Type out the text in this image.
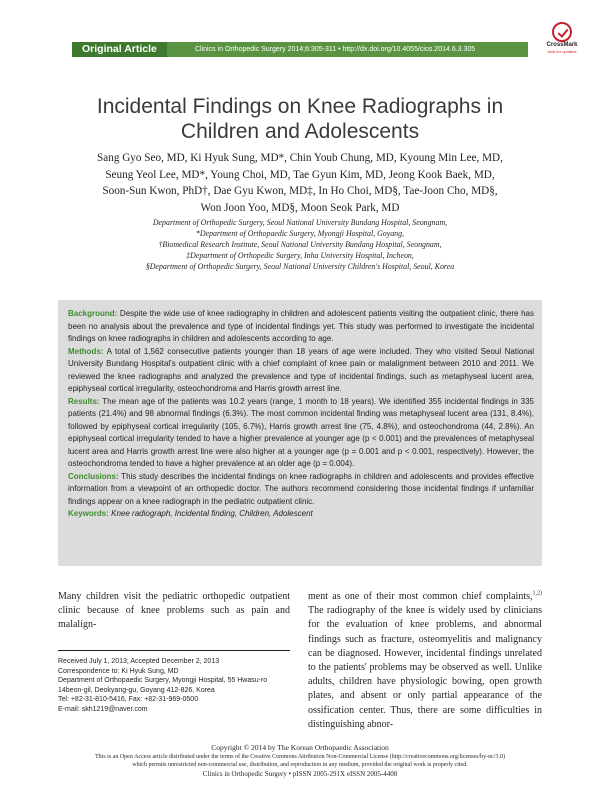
Original Article	Clinics in Orthopedic Surgery 2014;6:305-311 • http://dx.doi.org/10.4055/cios.2014.6.3.305
CrossMark
click for updates
Incidental Findings on Knee Radiographs in
Children and Adolescents
Sang Gyo Seo, MD, Ki Hyuk Sung, MD*, Chin Youb Chung, MD, Kyoung Min Lee, MD,
Seung Yeol Lee, MD*, Young Choi, MD, Tae Gyun Kim, MD, Jeong Kook Baek, MD,
Soon-Sun Kwon, PhD†, Dae Gyu Kwon, MD‡, In Ho Choi, MD§, Tae-Joon Cho, MD§,
Won Joon Yoo, MD§, Moon Seok Park, MD
Department of Orthopedic Surgery, Seoul National University Bundang Hospital, Seongnam,
*Department of Orthopaedic Surgery, Myongji Hospital, Goyang,
†Biomedical Research Institute, Seoul National University Bundang Hospital, Seongnam,
‡Department of Orthopedic Surgery, Inha University Hospital, Incheon,
§Department of Orthopedic Surgery, Seoul National University Children's Hospital, Seoul, Korea

Background: Despite the wide use of knee radiography in children and adolescent patients visiting the outpatient clinic, there has been no analysis about the prevalence and type of incidental findings yet. This study was performed to investigate the incidental findings on knee radiographs in children and adolescents according to age.

Methods: A total of 1,562 consecutive patients younger than 18 years of age were included. They who visited Seoul National University Bundang Hospital's outpatient clinic with a chief complaint of knee pain or malalignment between 2010 and 2011. We reviewed the knee radiographs and analyzed the prevalence and type of incidental findings, such as metaphyseal lucent area, epiphyseal cortical irregularity, osteochondroma and Harris growth arrest line.

Results: The mean age of the patients was 10.2 years (range, 1 month to 18 years). We identified 355 incidental findings in 335 patients (21.4%) and 98 abnormal findings (6.3%). The most common incidental finding was metaphyseal lucent area (131, 8.4%), followed by epiphyseal cortical irregularity (105, 6.7%), Harris growth arrest line (75, 4.8%), and osteochondroma (44, 2.8%). An epiphyseal cortical irregularity tended to have a higher prevalence at younger age (p < 0.001) and the prevalences of metaphyseal lucent area and Harris growth arrest line were also higher at a younger age (p = 0.001 and p < 0.001, respectively). However, the osteochondroma tended to have a higher prevalence at an older age (p = 0.004).

Conclusions: This study describes the incidental findings on knee radiographs in children and adolescents and provides effective information from a viewpoint of an orthopedic doctor. The authors recommend considering those incidental findings if unfamiliar findings appear on a knee radiograph in the pediatric outpatient clinic.

Keywords: Knee radiograph, Incidental finding, Children, Adolescent

Many children visit the pediatric orthopedic outpatient clinic because of knee problems such as pain and malalign-

ment as one of their most common chief complaints,$^{1,2)}$ The radiography of the knee is widely used by clinicians for the evaluation of knee problems, and abnormal findings such as fracture, osteomyelitis and malignancy can be diagnosed. However, incidental findings unrelated to the patients' problems may be observed as well. Unlike adults, children have physiologic bowing, open growth plates, and absent or only partial appearance of the ossification center. Thus, there are some difficulties in distinguishing abnor-

Received July 1, 2013; Accepted December 2, 2013
Correspondence to: Ki Hyuk Sung, MD
Department of Orthopaedic Surgery, Myongji Hospital, 55 Hwasu-ro
14beon-gil, Deokyang-gu, Goyang 412-826, Korea
Tel: +82-31-810-5416, Fax: +82-31-969-0500
E-mail: skh1219@naver.com
Copyright © 2014 by The Korean Orthopaedic Association
This is an Open Access article distributed under the terms of the Creative Commons Attribution Non-Commercial License (http://creativecommons.org/licenses/by-nc/3.0)
which permits unrestricted non-commercial use, distribution, and reproduction in any medium, provided the original work is properly cited.
Clinics in Orthopedic Surgery • pISSN 2005-291X eISSN 2005-4408
